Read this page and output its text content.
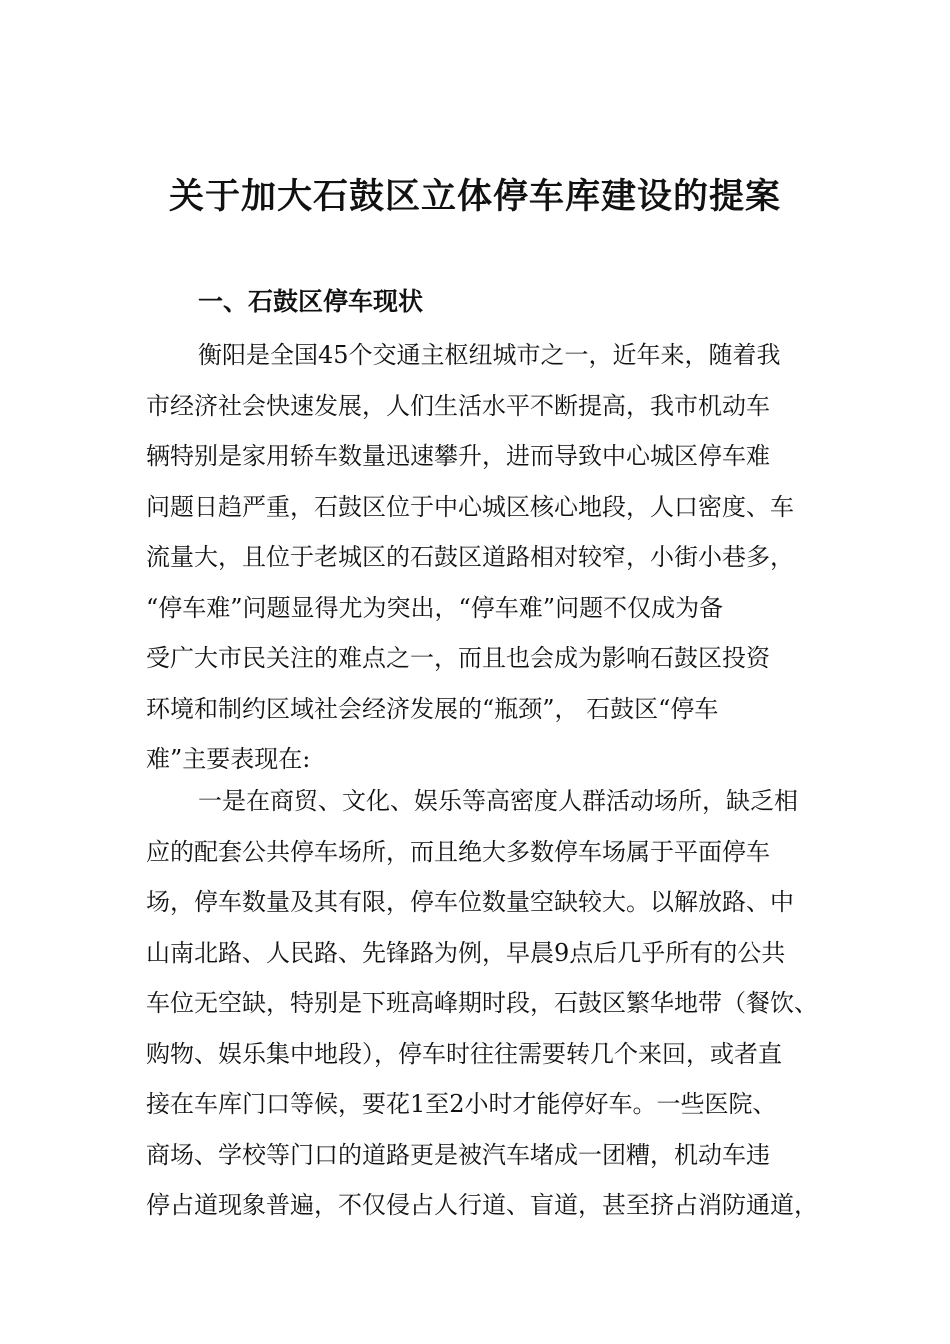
关于加大石鼓区立体停车库建设的提案
一、石鼓区停车现状
衡阳是全国45个交通主枢纽城市之一，近年来，随着我
市经济社会快速发展，人们生活水平不断提高，我市机动车
辆特别是家用轿车数量迅速攀升，进而导致中心城区停车难
问题日趋严重，石鼓区位于中心城区核心地段，人口密度、车
流量大，且位于老城区的石鼓区道路相对较窄，小街小巷多，
“停车难”问题显得尤为突出，“停车难”问题不仅成为备
受广大市民关注的难点之一，而且也会成为影响石鼓区投资
环境和制约区域社会经济发展的“瓶颈”， 石鼓区“停车
难”主要表现在:
一是在商贸、文化、娱乐等高密度人群活动场所，缺乏相
应的配套公共停车场所，而且绝大多数停车场属于平面停车
场，停车数量及其有限，停车位数量空缺较大。以解放路、中
山南北路、人民路、先锋路为例，早晨9点后几乎所有的公共
车位无空缺，特别是下班高峰期时段，石鼓区繁华地带（餐饮、
购物、娱乐集中地段），停车时往往需要转几个来回，或者直
接在车库门口等候，要花1至2小时才能停好车。一些医院、
商场、学校等门口的道路更是被汽车堵成一团糟，机动车违
停占道现象普遍，不仅侵占人行道、盲道，甚至挤占消防通道，
